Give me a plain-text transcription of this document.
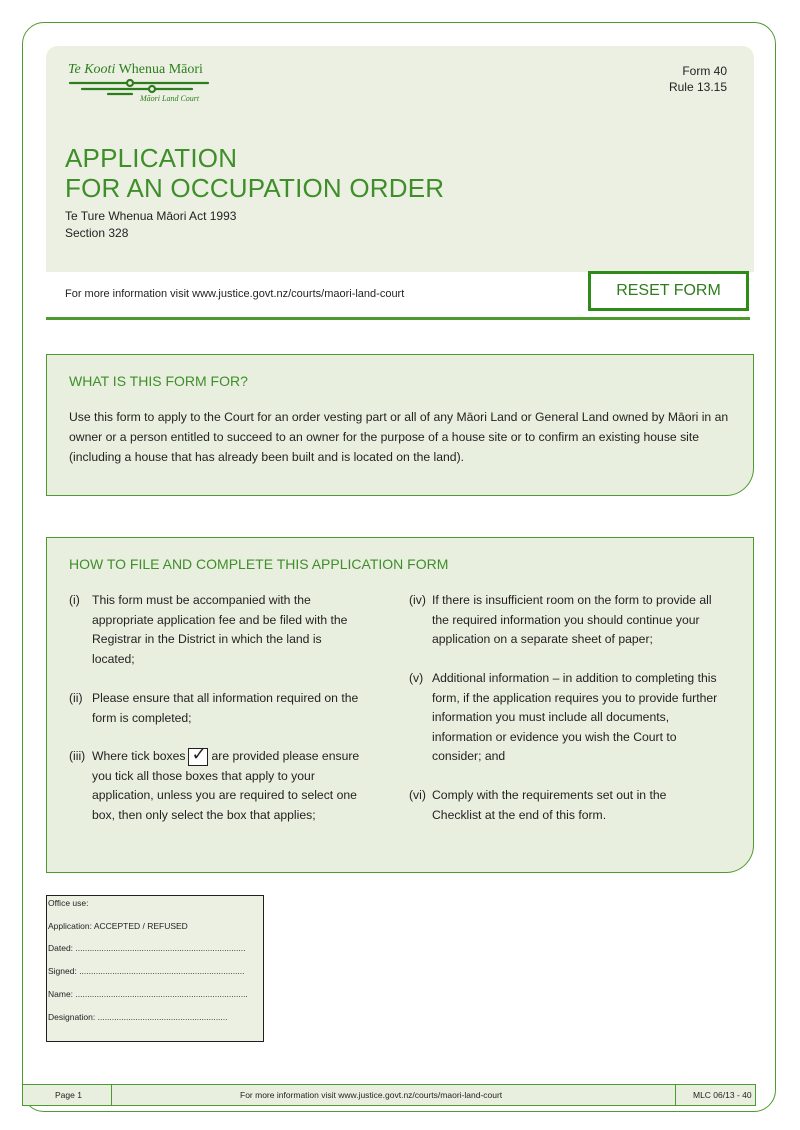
Te Kooti Whenua Māori
Māori Land Court
Form 40
Rule 13.15
APPLICATION
FOR AN OCCUPATION ORDER
Te Ture Whenua Māori Act 1993
Section 328
For more information visit www.justice.govt.nz/courts/maori-land-court	RESET FORM
WHAT IS THIS FORM FOR?
Use this form to apply to the Court for an order vesting part or all of any Māori Land or General Land owned by Māori in an owner or a person entitled to succeed to an owner for the purpose of a house site or to confirm an existing house site (including a house that has already been built and is located on the land).
HOW TO FILE AND COMPLETE THIS APPLICATION FORM
(i) This form must be accompanied with the appropriate application fee and be filed with the Registrar in the District in which the land is located;
(ii) Please ensure that all information required on the form is completed;
(iii) Where tick boxes ✓ are provided please ensure you tick all those boxes that apply to your application, unless you are required to select one box, then only select the box that applies;
(iv) If there is insufficient room on the form to provide all the required information you should continue your application on a separate sheet of paper;
(v) Additional information – in addition to completing this form, if the application requires you to provide further information you must include all documents, information or evidence you wish the Court to consider; and
(vi) Comply with the requirements set out in the Checklist at the end of this form.
Office use:
Application: ACCEPTED / REFUSED
Dated: ........................................................................
Signed: ......................................................................
Name: .........................................................................
Designation: .......................................................
Page 1	For more information visit www.justice.govt.nz/courts/maori-land-court	MLC 06/13 - 40
